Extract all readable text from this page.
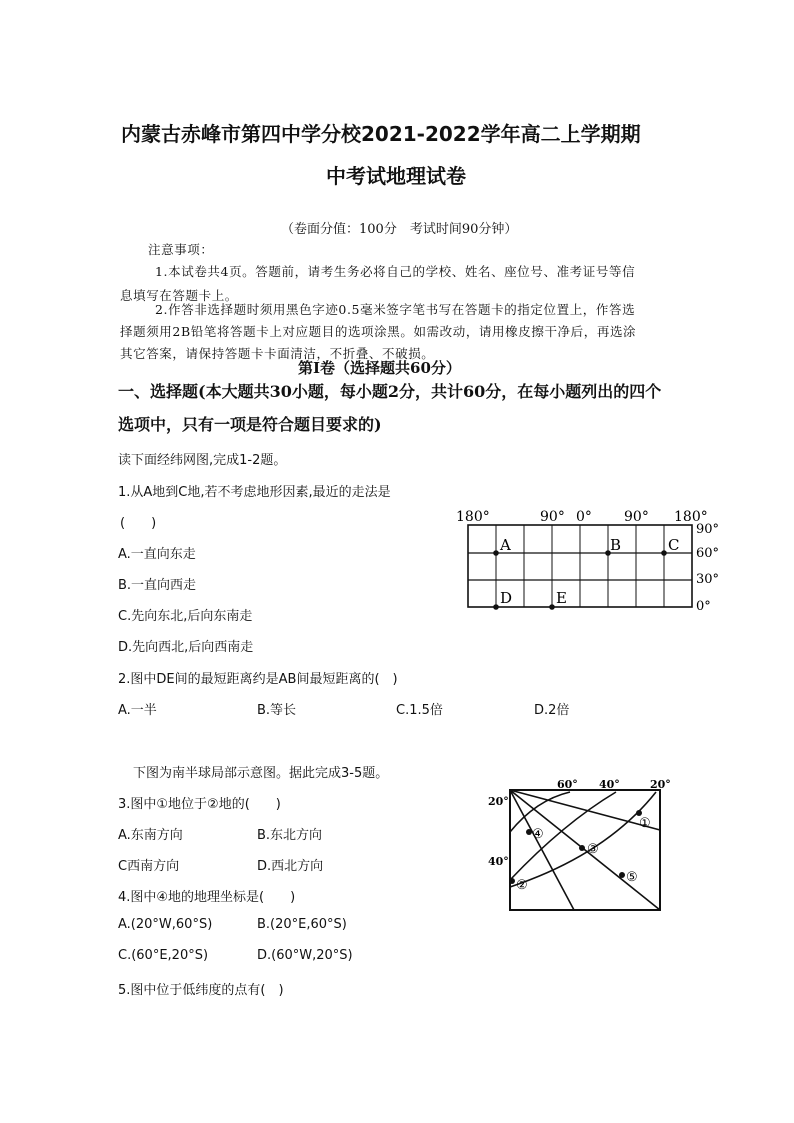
内蒙古赤峰市第四中学分校2021-2022学年高二上学期期
中考试地理试卷
（卷面分值：100分　考试时间90分钟）
注意事项：
1.本试卷共4页。答题前，请考生务必将自己的学校、姓名、座位号、准考证号等信
息填写在答题卡上。
2.作答非选择题时须用黑色字迹0.5毫米签字笔书写在答题卡的指定位置上，作答选
择题须用2B铅笔将答题卡上对应题目的选项涂黑。如需改动，请用橡皮擦干净后，再选涂
其它答案，请保持答题卡卡面清洁，不折叠、不破损。
第Ⅰ卷（选择题共60分）
一、选择题(本大题共30小题，每小题2分，共计60分，在每小题列出的四个
选项中，只有一项是符合题目要求的)
读下面经纬网图,完成1-2题。
1.从A地到C地,若不考虑地形因素,最近的走法是
(　　)
A.一直向东走
B.一直向西走
C.先向东北,后向东南走
D.先向西北,后向西南走
2.图中DE间的最短距离约是AB间最短距离的(　)
A.一半	B.等长	C.1.5倍	D.2倍
180°	90° 0° 90° 180°
90°
60°
30°
0°
A	B	C
D	E
下图为南半球局部示意图。据此完成3-5题。
3.图中①地位于②地的(　　)
A.东南方向	B.东北方向
C西南方向	D.西北方向
4.图中④地的地理坐标是(　　)
A.(20°W,60°S)	B.(20°E,60°S)
C.(60°E,20°S)	D.(60°W,20°S)
5.图中位于低纬度的点有(　)
60° 40°	20°
20°
40°
④
③
①
②
⑤
